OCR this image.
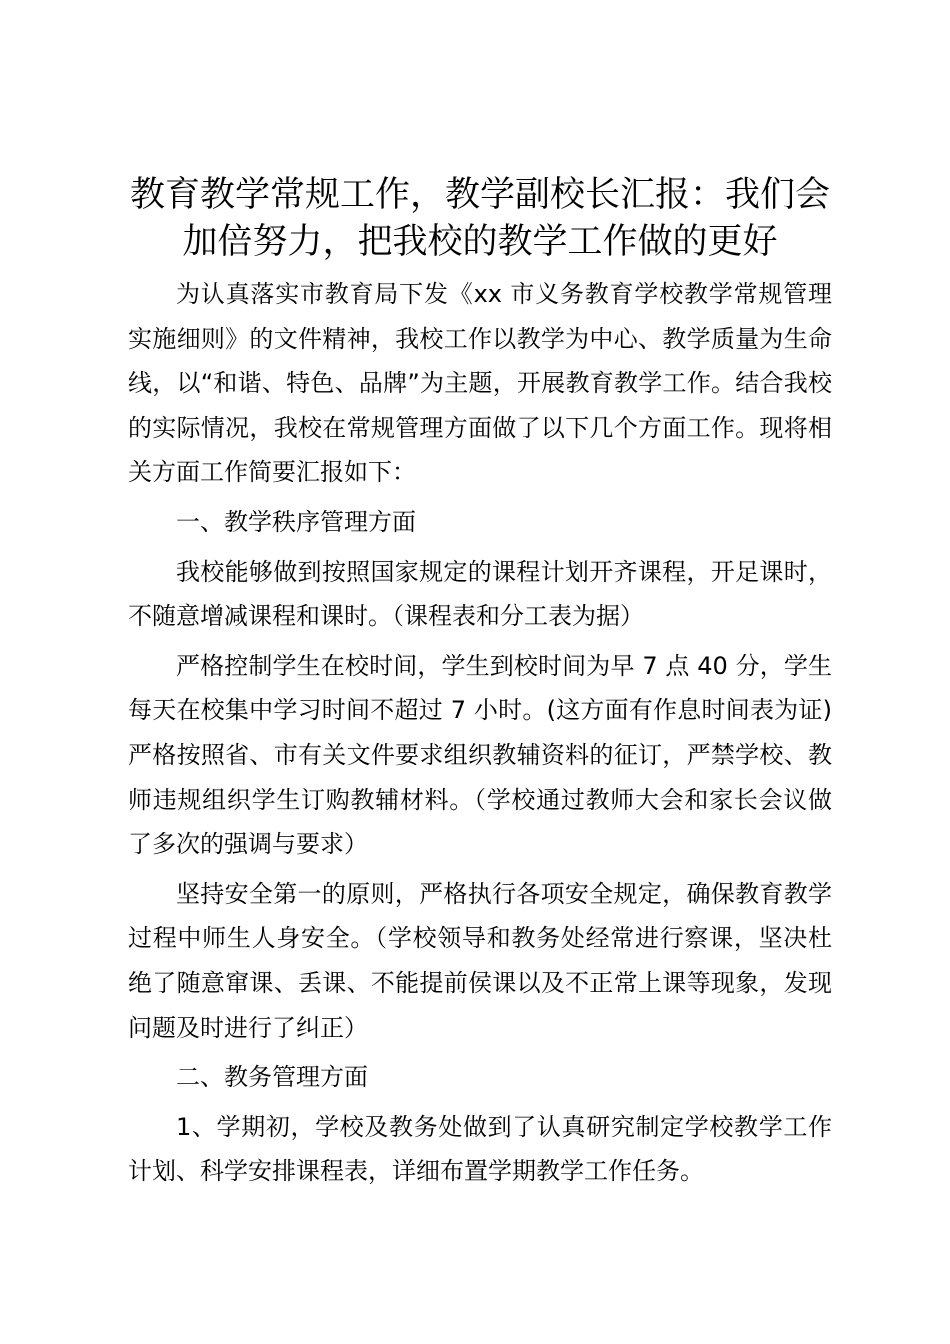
教育教学常规工作，教学副校长汇报：我们会
加倍努力，把我校的教学工作做的更好

为认真落实市教育局下发《xx 市义务教育学校教学常规管理实施细则》的文件精神，我校工作以教学为中心、教学质量为生命线，以“和谐、特色、品牌”为主题，开展教育教学工作。结合我校的实际情况，我校在常规管理方面做了以下几个方面工作。现将相关方面工作简要汇报如下：

一、教学秩序管理方面

我校能够做到按照国家规定的课程计划开齐课程，开足课时，不随意增减课程和课时。（课程表和分工表为据）

严格控制学生在校时间，学生到校时间为早 7 点 40 分，学生每天在校集中学习时间不超过 7 小时。(这方面有作息时间表为证)严格按照省、市有关文件要求组织教辅资料的征订，严禁学校、教师违规组织学生订购教辅材料。（学校通过教师大会和家长会议做了多次的强调与要求）

坚持安全第一的原则，严格执行各项安全规定，确保教育教学过程中师生人身安全。（学校领导和教务处经常进行察课，坚决杜绝了随意窜课、丢课、不能提前侯课以及不正常上课等现象，发现问题及时进行了纠正）

二、教务管理方面

1、学期初，学校及教务处做到了认真研究制定学校教学工作计划、科学安排课程表，详细布置学期教学工作任务。
